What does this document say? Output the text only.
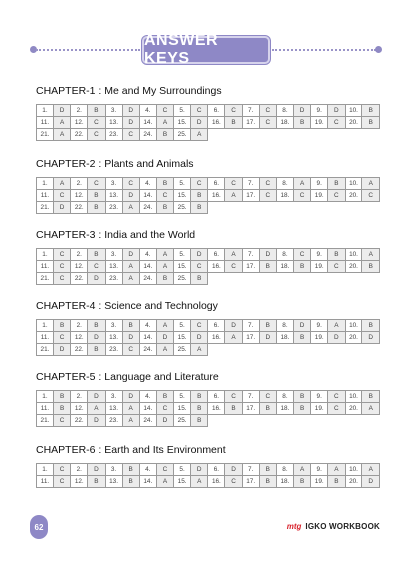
ANSWER KEYS
CHAPTER-1 : Me and My Surroundings
1.	D	2.	B	3.	D	4.	C	5.	C	6.	C	7.	C	8.	D	9.	D	10.	B
11.	A	12.	C	13.	D	14.	A	15.	D	16.	B	17.	C	18.	B	19.	C	20.	B
21.	A	22.	C	23.	C	24.	B	25.	A										
CHAPTER-2 : Plants and Animals
1.	A	2.	C	3.	C	4.	B	5.	C	6.	C	7.	C	8.	A	9.	B	10.	A
11.	C	12.	B	13.	D	14.	C	15.	B	16.	A	17.	C	18.	C	19.	C	20.	C
21.	D	22.	B	23.	A	24.	B	25.	B										
CHAPTER-3 : India and the World
1.	C	2.	B	3.	D	4.	A	5.	D	6.	A	7.	D	8.	C	9.	B	10.	A
11.	C	12.	C	13.	A	14.	A	15.	C	16.	C	17.	B	18.	B	19.	C	20.	B
21.	C	22.	D	23.	A	24.	B	25.	B										
CHAPTER-4 : Science and Technology
1.	B	2.	B	3.	B	4.	A	5.	C	6.	D	7.	B	8.	D	9.	A	10.	B
11.	C	12.	D	13.	D	14.	D	15.	D	16.	A	17.	D	18.	B	19.	D	20.	D
21.	D	22.	B	23.	C	24.	A	25.	A										
CHAPTER-5 : Language and Literature
1.	B	2.	D	3.	D	4.	B	5.	B	6.	C	7.	C	8.	B	9.	C	10.	B
11.	B	12.	A	13.	A	14.	C	15.	B	16.	B	17.	B	18.	B	19.	C	20.	A
21.	C	22.	D	23.	A	24.	D	25.	B										
CHAPTER-6 : Earth and Its Environment
1.	C	2.	D	3.	B	4.	C	5.	D	6.	D	7.	B	8.	A	9.	A	10.	A
11.	C	12.	B	13.	B	14.	A	15.	A	16.	C	17.	B	18.	B	19.	B	20.	D
62	mtg IGKO WORKBOOK
